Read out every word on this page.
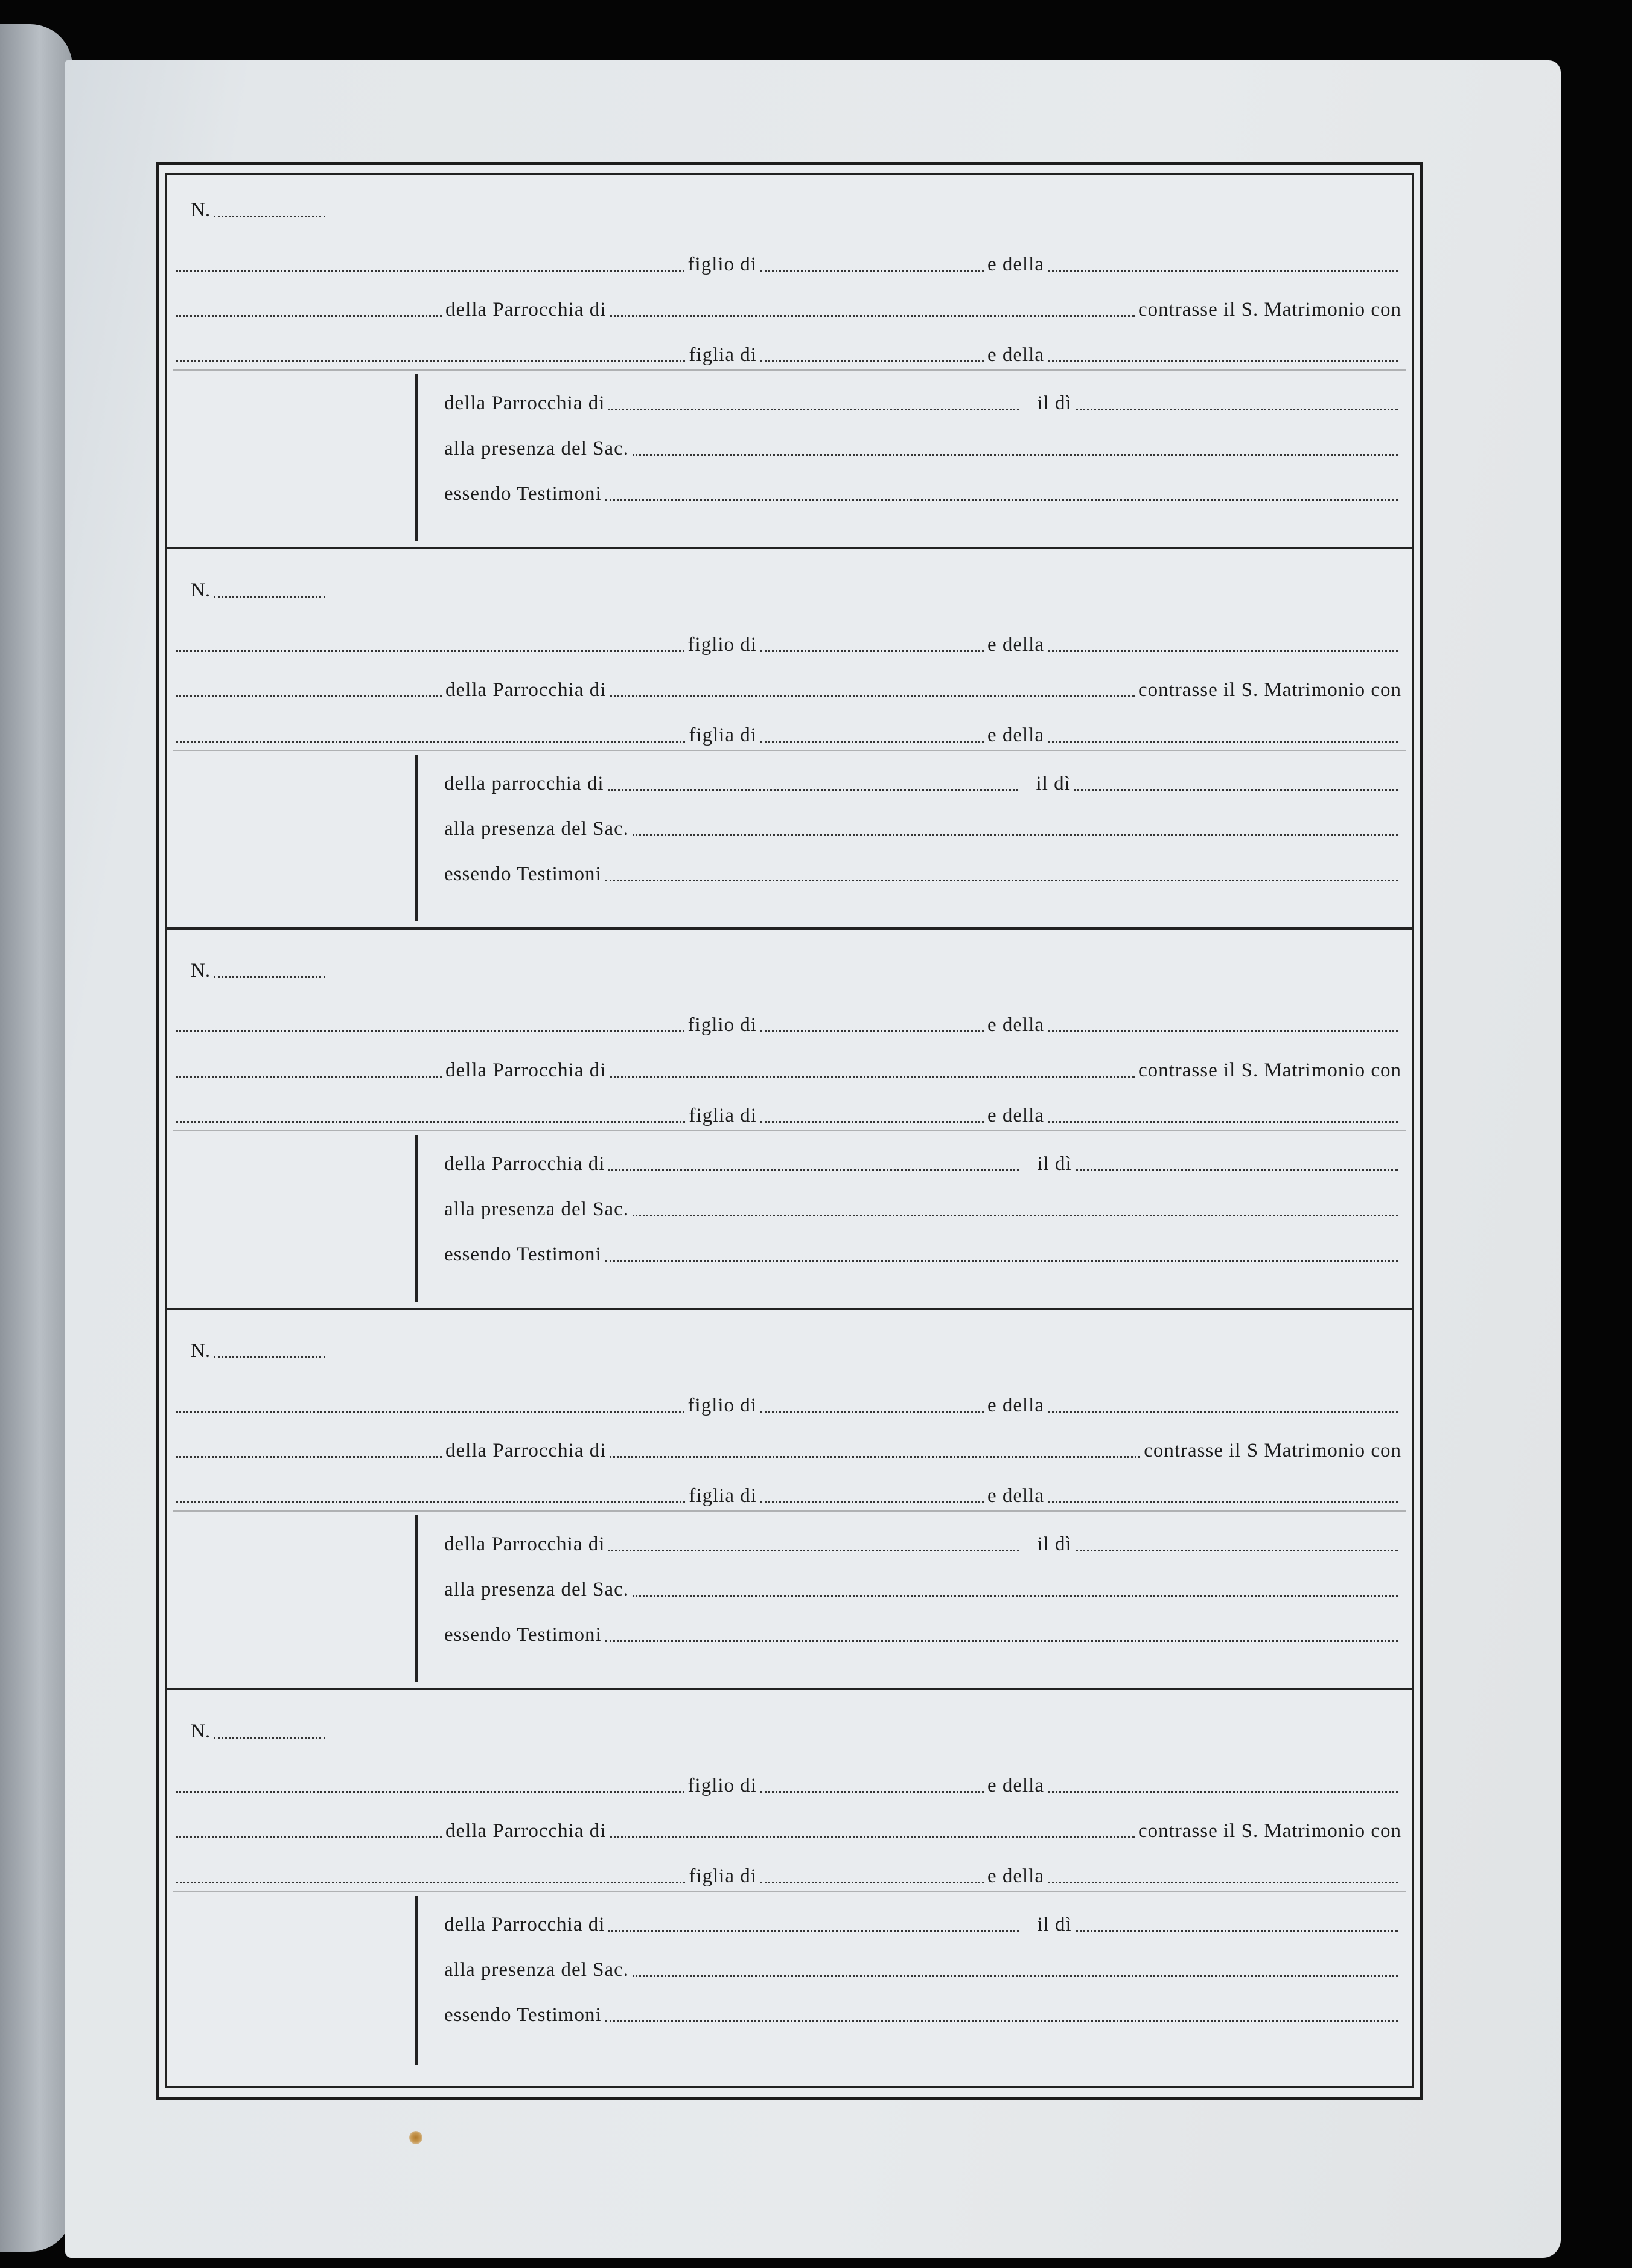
N.
figlio di	e della
della Parrocchia di	contrasse il S. Matrimonio con
figlia di	e della
della Parrocchia di	il dì
alla presenza del Sac.
essendo Testimoni
N.
figlio di	e della
della Parrocchia di	contrasse il S. Matrimonio con
figlia di	e della
della parrocchia di	il dì
alla presenza del Sac.
essendo Testimoni
N.
figlio di	e della
della Parrocchia di	contrasse il S. Matrimonio con
figlia di	e della
della Parrocchia di	il dì
alla presenza del Sac.
essendo Testimoni
N.
figlio di	e della
della Parrocchia di	contrasse il S Matrimonio con
figlia di	e della
della Parrocchia di	il dì
alla presenza del Sac.
essendo Testimoni
N.
figlio di	e della
della Parrocchia di	contrasse il S. Matrimonio con
figlia di	e della
della Parrocchia di	il dì
alla presenza del Sac.
essendo Testimoni
